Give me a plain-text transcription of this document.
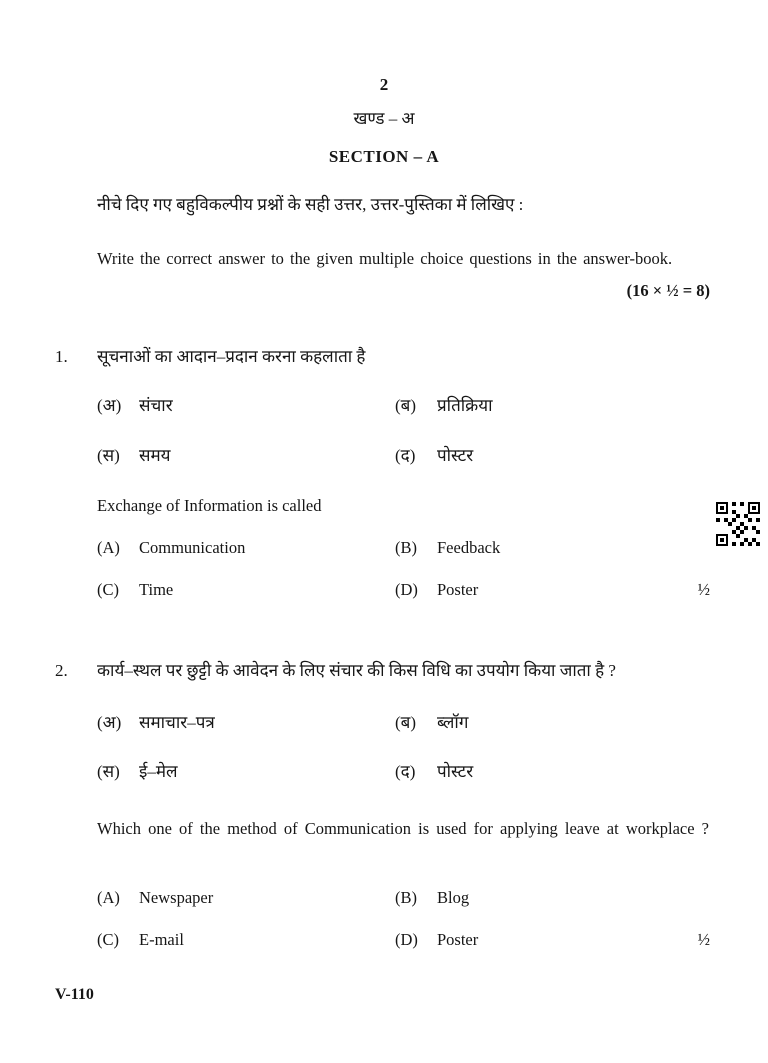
2
खण्ड – अ
SECTION – A
नीचे दिए गए बहुविकल्पीय प्रश्नों के सही उत्तर, उत्तर-पुस्तिका में लिखिए :
Write the correct answer to the given multiple choice questions in the answer-book.
(16 × ½ = 8)
1.	सूचनाओं का आदान–प्रदान करना कहलाता है
(अ) संचार	(ब) प्रतिक्रिया
(स) समय	(द) पोस्टर
Exchange of Information is called
(A) Communication	(B) Feedback
(C) Time	(D) Poster	½
2.	कार्य–स्थल पर छुट्टी के आवेदन के लिए संचार की किस विधि का उपयोग किया जाता है ?
(अ) समाचार–पत्र	(ब) ब्लॉग
(स) ई–मेल	(द) पोस्टर
Which one of the method of Communication is used for applying leave at workplace ?
(A) Newspaper	(B) Blog
(C) E-mail	(D) Poster	½
V-110
